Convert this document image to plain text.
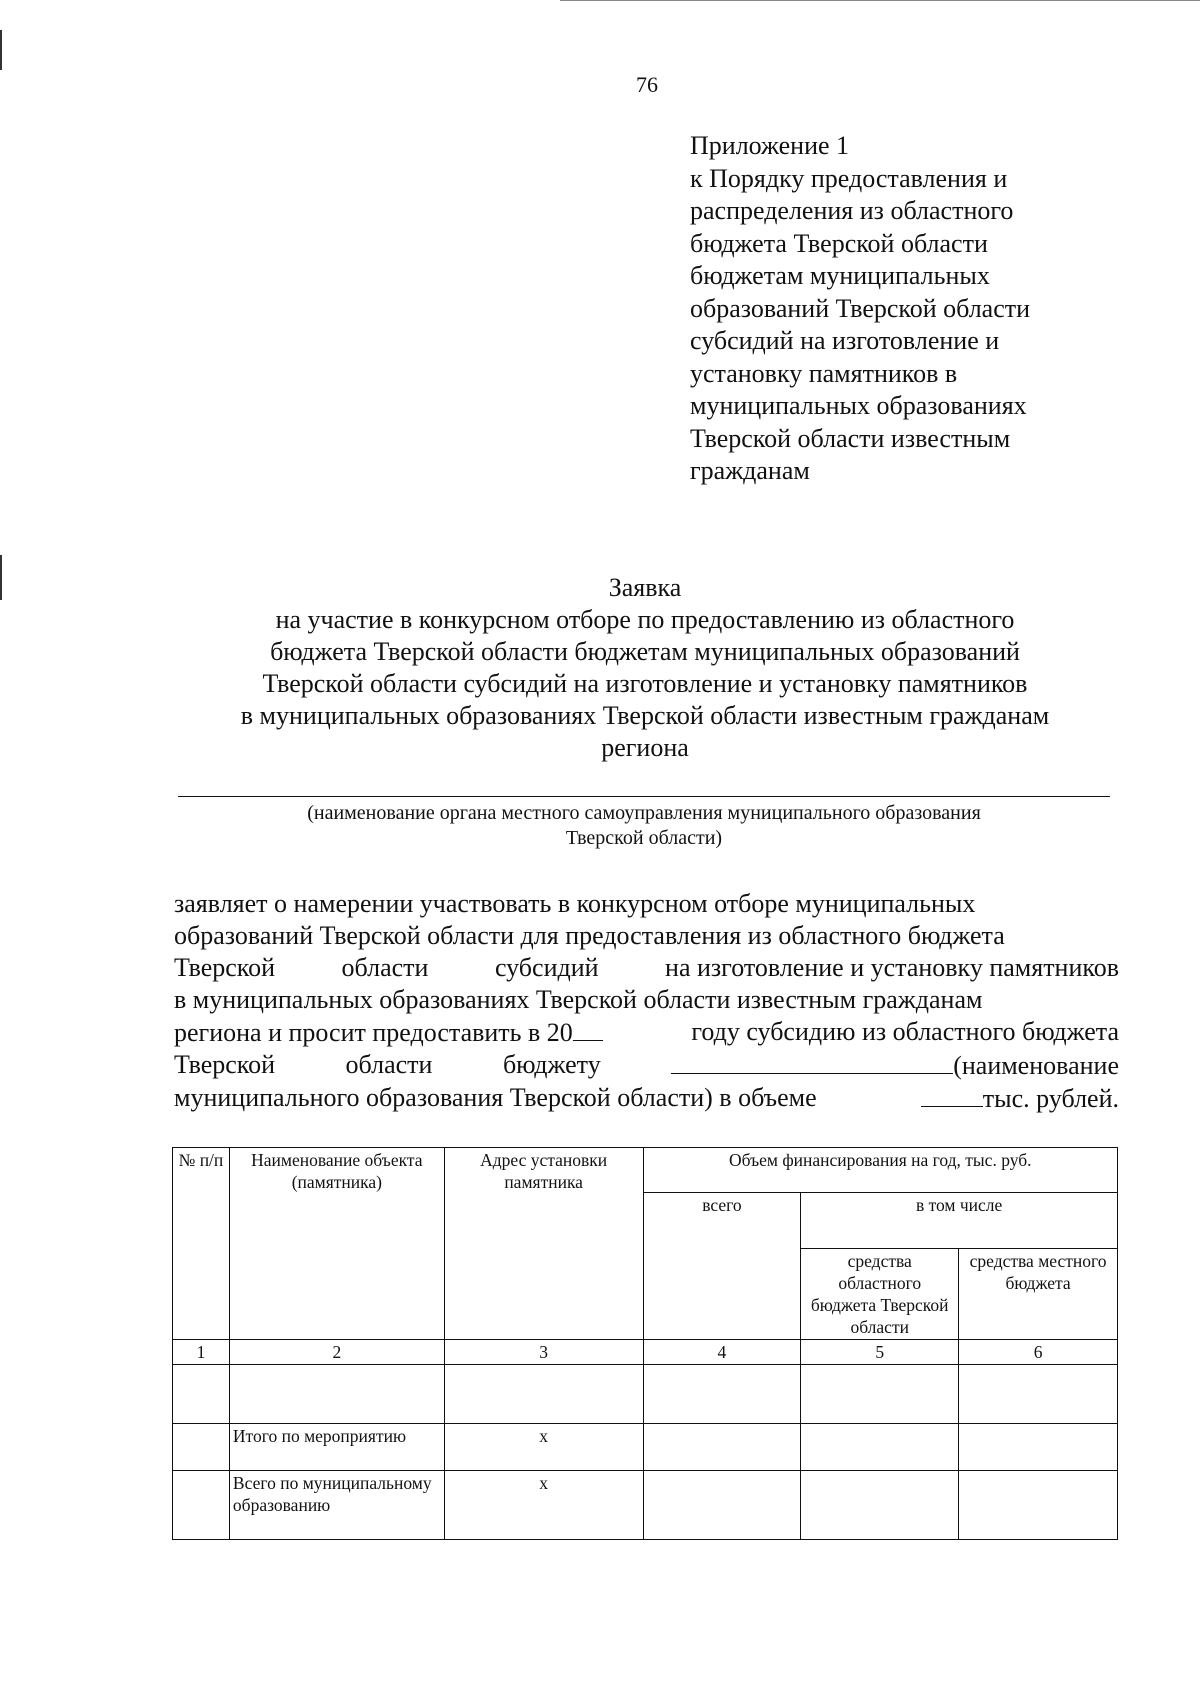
76
Приложение 1
к Порядку предоставления и
распределения из областного
бюджета Тверской области
бюджетам муниципальных
образований Тверской области
субсидий на изготовление и
установку памятников в
муниципальных образованиях
Тверской области известным
гражданам
Заявка
на участие в конкурсном отборе по предоставлению из областного
бюджета Тверской области бюджетам муниципальных образований
Тверской области субсидий на изготовление и установку памятников
в муниципальных образованиях Тверской области известным гражданам
региона
(наименование органа местного самоуправления муниципального образования
Тверской области)
заявляет о намерении участвовать в конкурсном отборе муниципальных
образований Тверской области для предоставления из областного бюджета
Тверской	области	субсидий	на изготовление и установку памятников
в муниципальных образованиях Тверской области известным гражданам
региона и просит предоставить в 20	году субсидию из областного бюджета
Тверской	области	бюджету	(наименование
муниципального образования Тверской области) в объеме	тыс. рублей.
№ п/п	Наименование объекта (памятника)	Адрес установки памятника	Объем финансирования на год, тыс. руб.		
			всего	в том числе	
				средства областного бюджета Тверской области	средства местного бюджета
1	2	3	4	5	6

	Итого по мероприятию	х			
	Всего по муниципальному образованию	х			
